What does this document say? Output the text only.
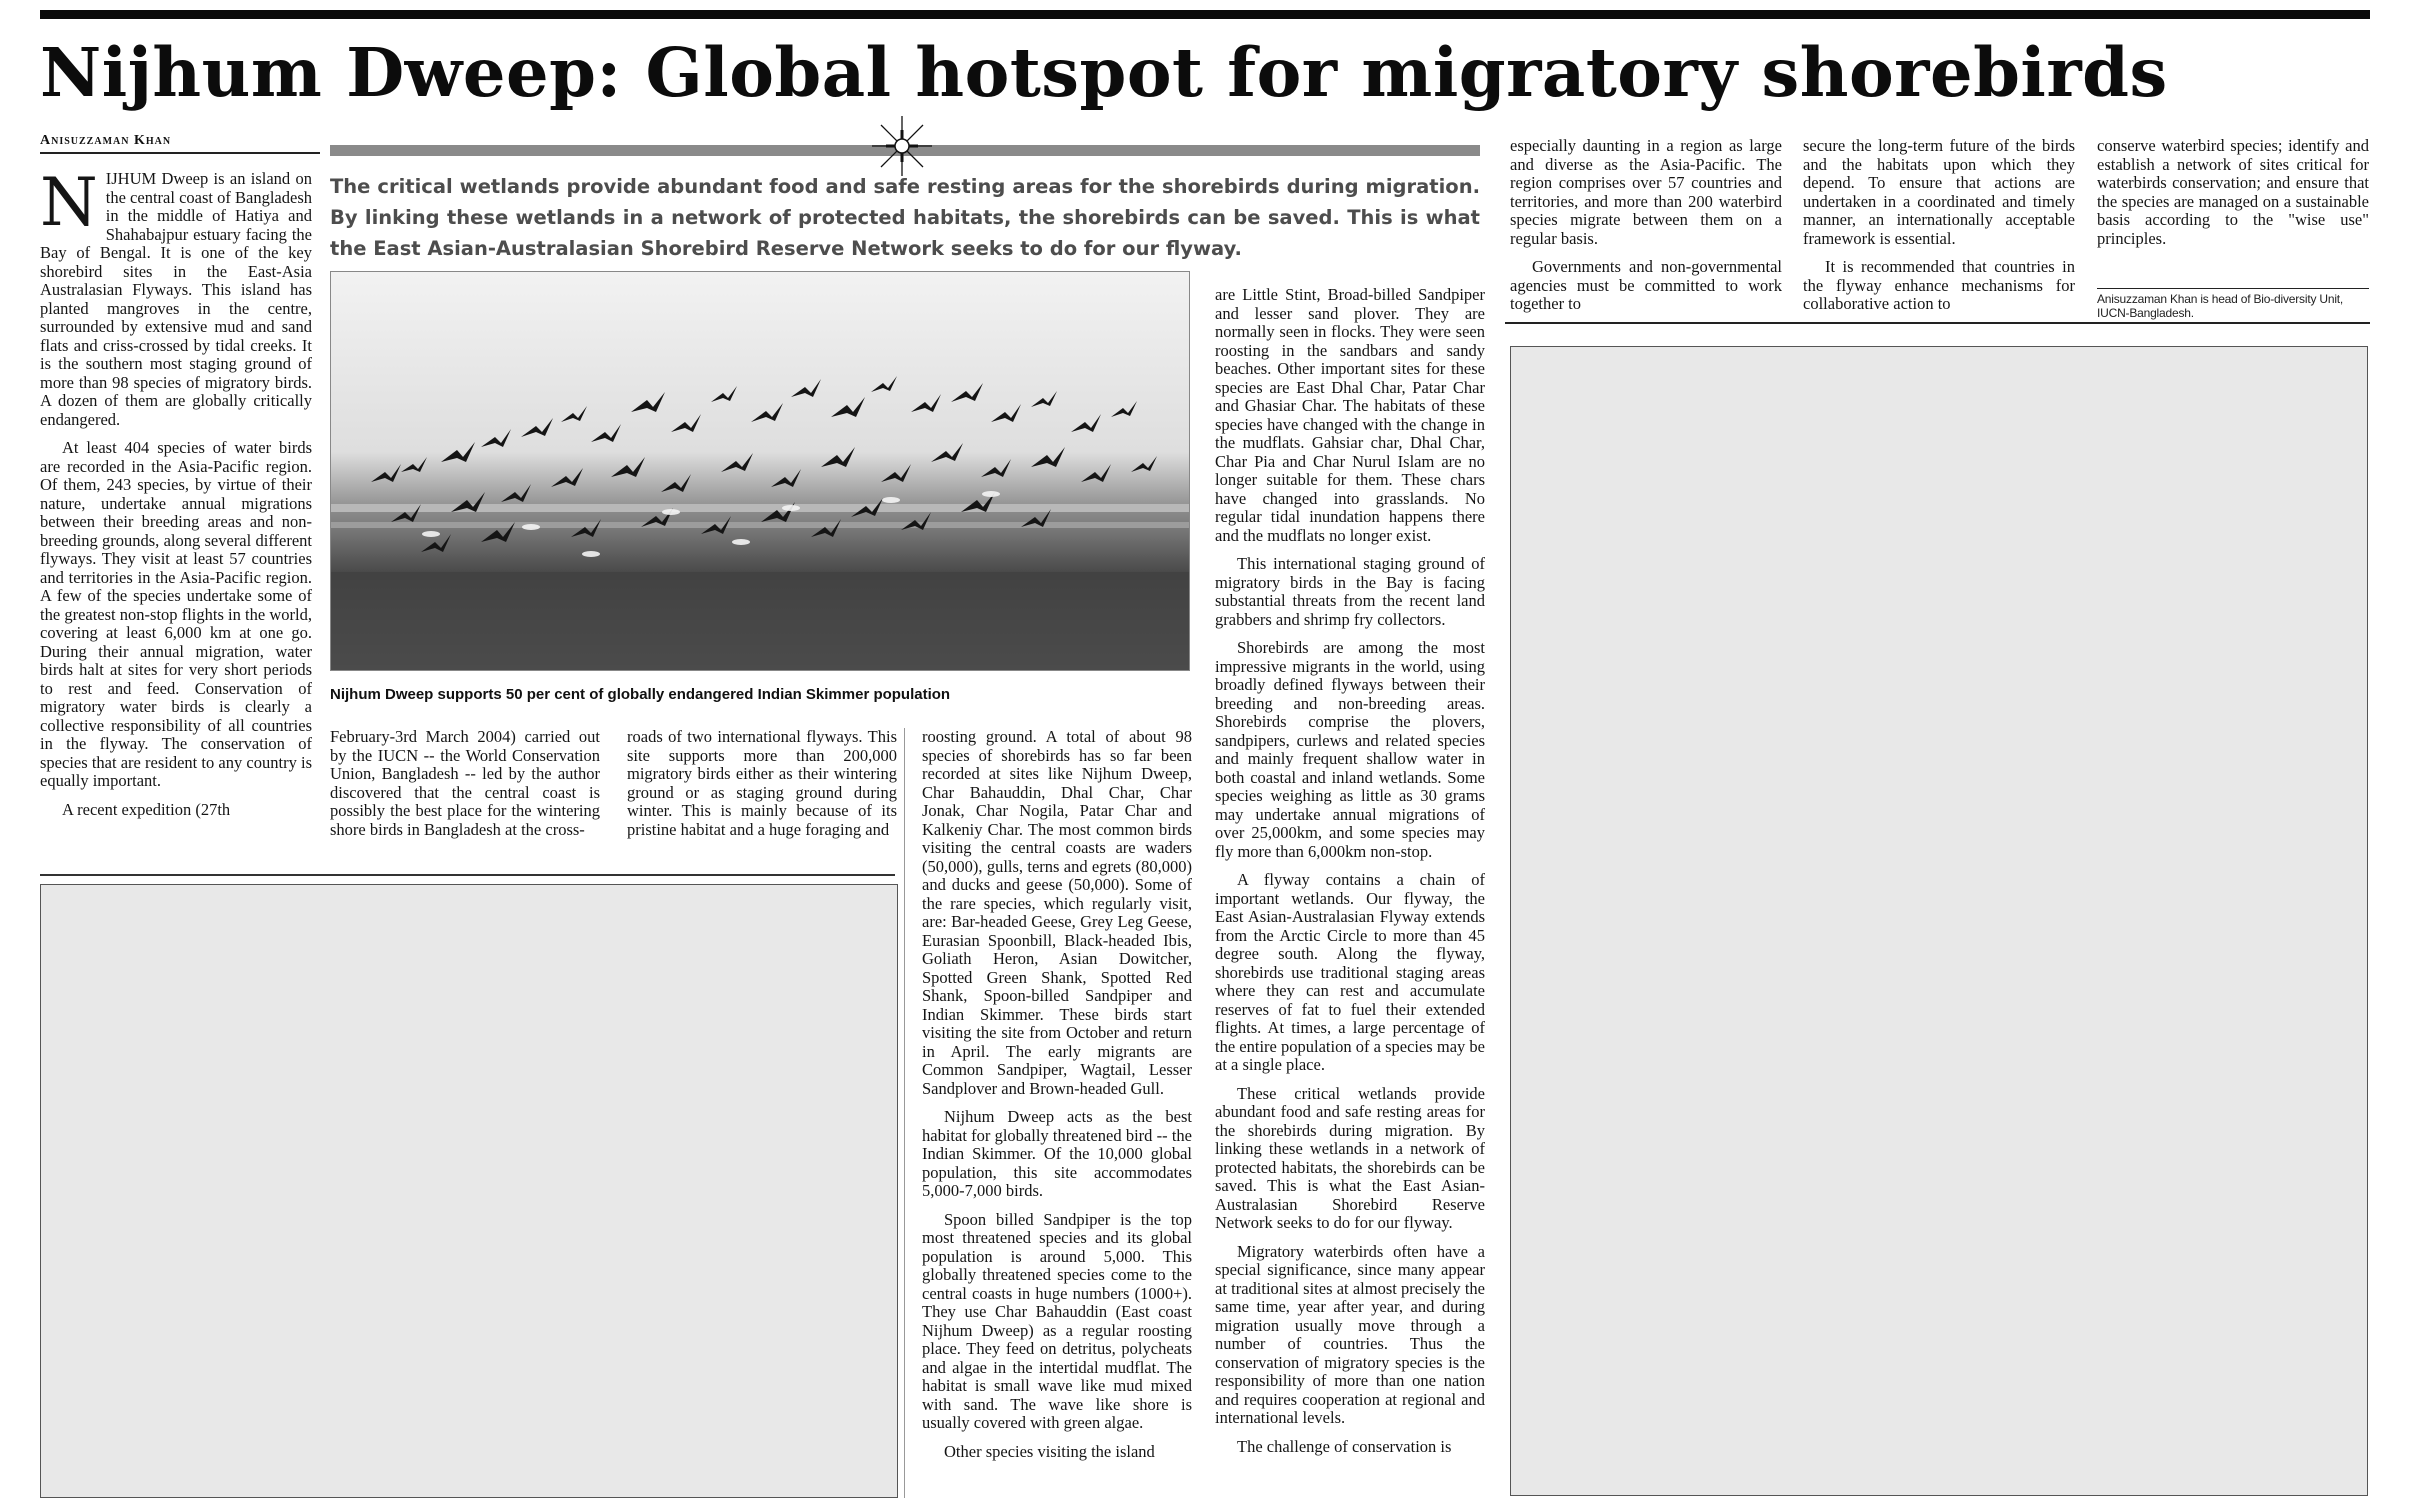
Nijhum Dweep: Global hotspot for migratory shorebirds
Anisuzzaman Khan

NIJHUM Dweep is an island on the central coast of Bangladesh in the middle of Hatiya and Shahabajpur estuary facing the Bay of Bengal. It is one of the key shorebird sites in the East-Asia Australasian Flyways. This island has planted mangroves in the centre, surrounded by extensive mud and sand flats and criss-crossed by tidal creeks. It is the southern most staging ground of more than 98 species of migratory birds. A dozen of them are globally critically endangered.

At least 404 species of water birds are recorded in the Asia-Pacific region. Of them, 243 species, by virtue of their nature, undertake annual migrations between their breeding areas and non-breeding grounds, along several different flyways. They visit at least 57 countries and territories in the Asia-Pacific region. A few of the species undertake some of the greatest non-stop flights in the world, covering at least 6,000 km at one go. During their annual migration, water birds halt at sites for very short periods to rest and feed. Conservation of migratory water birds is clearly a collective responsibility of all countries in the flyway. The conservation of species that are resident to any country is equally important.

A recent expedition (27th

The critical wetlands provide abundant food and safe resting areas for the shorebirds during migration. By linking these wetlands in a network of protected habitats, the shorebirds can be saved. This is what the East Asian-Australasian Shorebird Reserve Network seeks to do for our flyway.

Nijhum Dweep supports 50 per cent of globally endangered Indian Skimmer population

February-3rd March 2004) carried out by the IUCN -- the World Conservation Union, Bangladesh -- led by the author discovered that the central coast is possibly the best place for the wintering shore birds in Bangladesh at the cross-

roads of two international flyways. This site supports more than 200,000 migratory birds either as their wintering ground or as staging ground during winter. This is mainly because of its pristine habitat and a huge foraging and

roosting ground. A total of about 98 species of shorebirds has so far been recorded at sites like Nijhum Dweep, Char Bahauddin, Dhal Char, Char Jonak, Char Nogila, Patar Char and Kalkeniy Char. The most common birds visiting the central coasts are waders (50,000), gulls, terns and egrets (80,000) and ducks and geese (50,000). Some of the rare species, which regularly visit, are: Bar-headed Geese, Grey Leg Geese, Eurasian Spoonbill, Black-headed Ibis, Goliath Heron, Asian Dowitcher, Spotted Green Shank, Spotted Red Shank, Spoon-billed Sandpiper and Indian Skimmer. These birds start visiting the site from October and return in April. The early migrants are Common Sandpiper, Wagtail, Lesser Sandplover and Brown-headed Gull.

Nijhum Dweep acts as the best habitat for globally threatened bird -- the Indian Skimmer. Of the 10,000 global population, this site accommodates 5,000-7,000 birds.

Spoon billed Sandpiper is the top most threatened species and its global population is around 5,000. This globally threatened species come to the central coasts in huge numbers (1000+). They use Char Bahauddin (East coast Nijhum Dweep) as a regular roosting place. They feed on detritus, polycheats and algae in the intertidal mudflat. The habitat is small wave like mud mixed with sand. The wave like shore is usually covered with green algae.

Other species visiting the island

are Little Stint, Broad-billed Sandpiper and lesser sand plover. They are normally seen in flocks. They were seen roosting in the sandbars and sandy beaches. Other important sites for these species are East Dhal Char, Patar Char and Ghasiar Char. The habitats of these species have changed with the change in the mudflats. Gahsiar char, Dhal Char, Char Pia and Char Nurul Islam are no longer suitable for them. These chars have changed into grasslands. No regular tidal inundation happens there and the mudflats no longer exist.

This international staging ground of migratory birds in the Bay is facing substantial threats from the recent land grabbers and shrimp fry collectors.

Shorebirds are among the most impressive migrants in the world, using broadly defined flyways between their breeding and non-breeding areas. Shorebirds comprise the plovers, sandpipers, curlews and related species and mainly frequent shallow water in both coastal and inland wetlands. Some species weighing as little as 30 grams may undertake annual migrations of over 25,000km, and some species may fly more than 6,000km non-stop.

A flyway contains a chain of important wetlands. Our flyway, the East Asian-Australasian Flyway extends from the Arctic Circle to more than 45 degree south. Along the flyway, shorebirds use traditional staging areas where they can rest and accumulate reserves of fat to fuel their extended flights. At times, a large percentage of the entire population of a species may be at a single place.

These critical wetlands provide abundant food and safe resting areas for the shorebirds during migration. By linking these wetlands in a network of protected habitats, the shorebirds can be saved. This is what the East Asian-Australasian Shorebird Reserve Network seeks to do for our flyway.

Migratory waterbirds often have a special significance, since many appear at traditional sites at almost precisely the same time, year after year, and during migration usually move through a number of countries. Thus the conservation of migratory species is the responsibility of more than one nation and requires cooperation at regional and international levels.

The challenge of conservation is

especially daunting in a region as large and diverse as the Asia-Pacific. The region comprises over 57 countries and territories, and more than 200 waterbird species migrate between them on a regular basis.

Governments and non-governmental agencies must be committed to work together to

secure the long-term future of the birds and the habitats upon which they depend. To ensure that actions are undertaken in a coordinated and timely manner, an internationally acceptable framework is essential.

It is recommended that countries in the flyway enhance mechanisms for collaborative action to

conserve waterbird species; identify and establish a network of sites critical for waterbirds conservation; and ensure that the species are managed on a sustainable basis according to the "wise use" principles.

Anisuzzaman Khan is head of Bio-diversity Unit, IUCN-Bangladesh.
